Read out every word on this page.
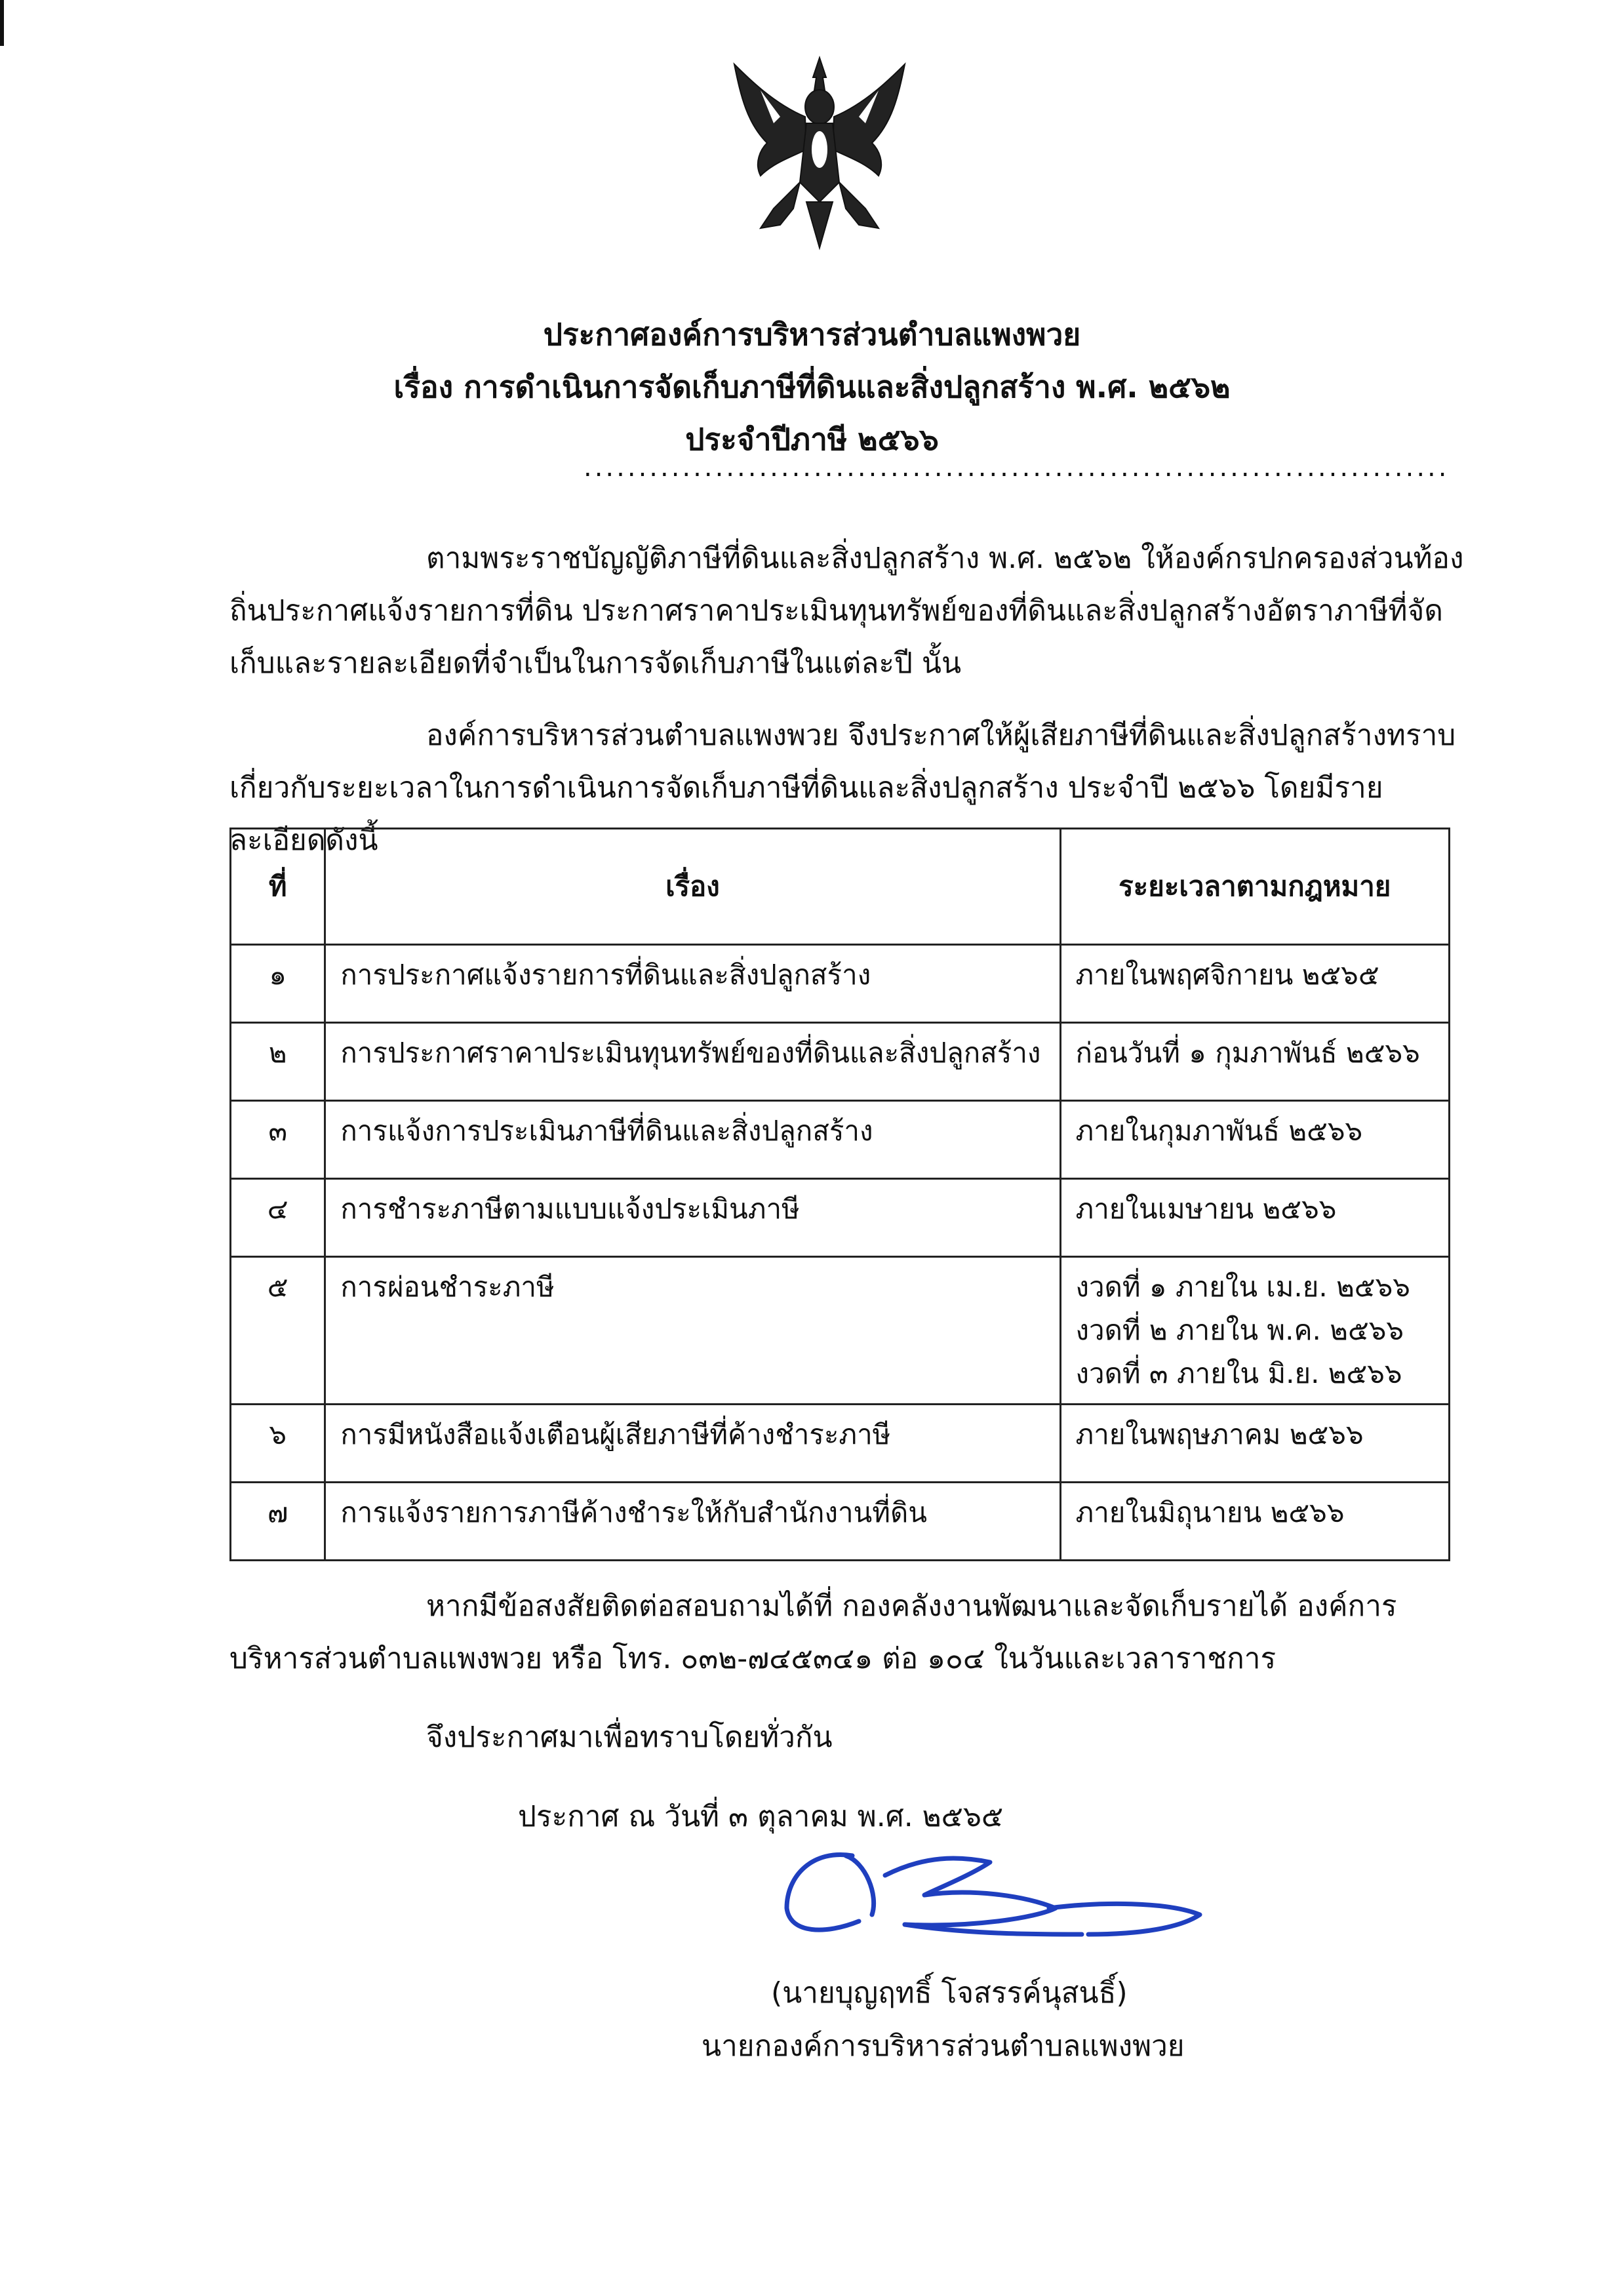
ประกาศองค์การบริหารส่วนตำบลแพงพวย
เรื่อง การดำเนินการจัดเก็บภาษีที่ดินและสิ่งปลูกสร้าง พ.ศ. ๒๕๖๒
ประจำปีภาษี ๒๕๖๖
...............................................................................
ตามพระราชบัญญัติภาษีที่ดินและสิ่งปลูกสร้าง พ.ศ. ๒๕๖๒ ให้องค์กรปกครองส่วนท้องถิ่นประกาศแจ้งรายการที่ดิน ประกาศราคาประเมินทุนทรัพย์ของที่ดินและสิ่งปลูกสร้างอัตราภาษีที่จัดเก็บและรายละเอียดที่จำเป็นในการจัดเก็บภาษีในแต่ละปี นั้น
องค์การบริหารส่วนตำบลแพงพวย จึงประกาศให้ผู้เสียภาษีที่ดินและสิ่งปลูกสร้างทราบเกี่ยวกับระยะเวลาในการดำเนินการจัดเก็บภาษีที่ดินและสิ่งปลูกสร้าง ประจำปี ๒๕๖๖ โดยมีรายละเอียดดังนี้
ที่	เรื่อง	ระยะเวลาตามกฎหมาย
๑	การประกาศแจ้งรายการที่ดินและสิ่งปลูกสร้าง	ภายในพฤศจิกายน ๒๕๖๕
๒	การประกาศราคาประเมินทุนทรัพย์ของที่ดินและสิ่งปลูกสร้าง	ก่อนวันที่ ๑ กุมภาพันธ์ ๒๕๖๖
๓	การแจ้งการประเมินภาษีที่ดินและสิ่งปลูกสร้าง	ภายในกุมภาพันธ์ ๒๕๖๖
๔	การชำระภาษีตามแบบแจ้งประเมินภาษี	ภายในเมษายน ๒๕๖๖
๕	การผ่อนชำระภาษี	งวดที่ ๑ ภายใน เม.ย. ๒๕๖๖
งวดที่ ๒ ภายใน พ.ค. ๒๕๖๖
งวดที่ ๓ ภายใน มิ.ย. ๒๕๖๖

๖	การมีหนังสือแจ้งเตือนผู้เสียภาษีที่ค้างชำระภาษี	ภายในพฤษภาคม ๒๕๖๖
๗	การแจ้งรายการภาษีค้างชำระให้กับสำนักงานที่ดิน	ภายในมิถุนายน ๒๕๖๖
หากมีข้อสงสัยติดต่อสอบถามได้ที่ กองคลังงานพัฒนาและจัดเก็บรายได้ องค์การบริหารส่วนตำบลแพงพวย หรือ โทร. ๐๓๒-๗๔๕๓๔๑ ต่อ ๑๐๔ ในวันและเวลาราชการ
จึงประกาศมาเพื่อทราบโดยทั่วกัน
ประกาศ ณ วันที่ ๓ ตุลาคม พ.ศ. ๒๕๖๕
(นายบุญฤทธิ์ โจสรรค์นุสนธิ์)
นายกองค์การบริหารส่วนตำบลแพงพวย
